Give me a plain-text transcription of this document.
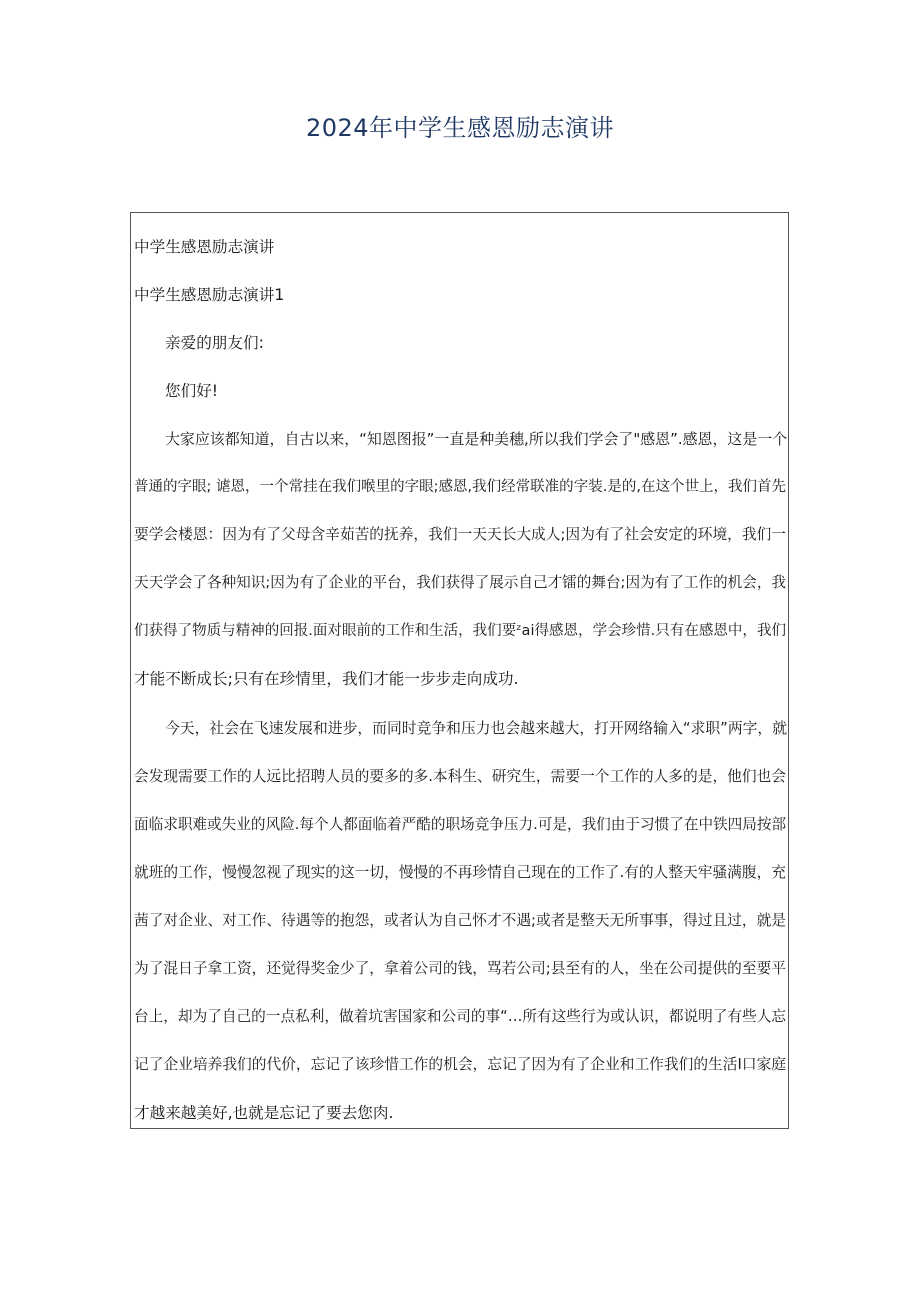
2024年中学生感恩励志演讲
中学生感恩励志演讲
中学生感恩励志演讲1
亲爱的朋友们:
您们好!
大家应该都知道，自古以来，“知恩图报”一直是种美穗,所以我们学会了"感恩”.感恩，这是一个
普通的字眼; 谑恩，一个常挂在我们喉里的字眼;感恩,我们经常联准的字装.是的,在这个世上，我们首先
要学会楼恩：因为有了父母含辛茹苦的抚养，我们一天天长大成人;因为有了社会安定的环境，我们一
天天学会了各种知识;因为有了企业的平台，我们获得了展示自己才镭的舞台;因为有了工作的机会，我
们获得了物质与精神的回报.面对眼前的工作和生活，我们要ᶻai得感恩，学会珍惜.只有在感恩中，我们
才能不断成长;只有在珍情里，我们才能一步步走向成功.
今天，社会在飞速发展和进步，而同时竞争和压力也会越来越大，打开网络输入“求职”两字，就
会发现需要工作的人远比招聘人员的要多的多.本科生、研究生，需要一个工作的人多的是，他们也会
面临求职难或失业的风险.每个人都面临着严酷的职场竞争压力.可是，我们由于习惯了在中铁四局按部
就班的工作，慢慢忽视了现实的这一切，慢慢的不再珍情自己现在的工作了.有的人整天牢骚满腹，充
茜了对企业、对工作、待遇等的抱怨，或者认为自己怀才不遇;或者是整天无所事事，得过且过，就是
为了混日子拿工资，还觉得奖金少了，拿着公司的钱，骂若公司;县至有的人，坐在公司提供的至要平
台上，却为了自己的一点私利，做着坑害国家和公司的事“…所有这些行为或认识，都说明了有些人忘
记了企业培养我们的代价，忘记了该珍惜工作的机会，忘记了因为有了企业和工作我们的生活I口家庭
才越来越美好,也就是忘记了要去您肉.
